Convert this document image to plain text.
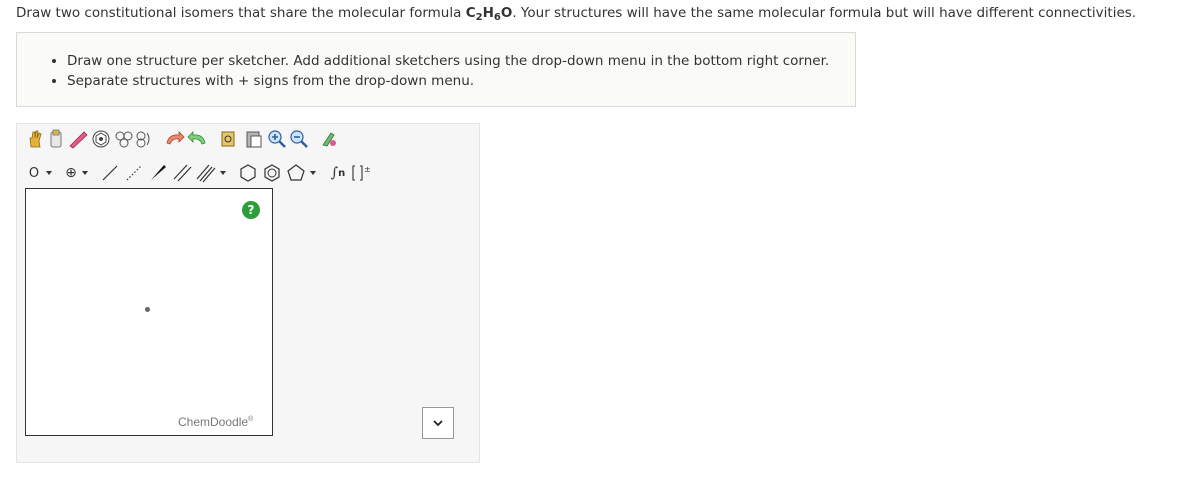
Draw two constitutional isomers that share the molecular formula $C_2H_6O$. Your structures will have the same molecular formula but will have different connectivities.
• Draw one structure per sketcher. Add additional sketchers using the drop-down menu in the bottom right corner.
• Separate structures with + signs from the drop-down menu.
O ⊕	∫ n ±
?
ChemDoodle®
